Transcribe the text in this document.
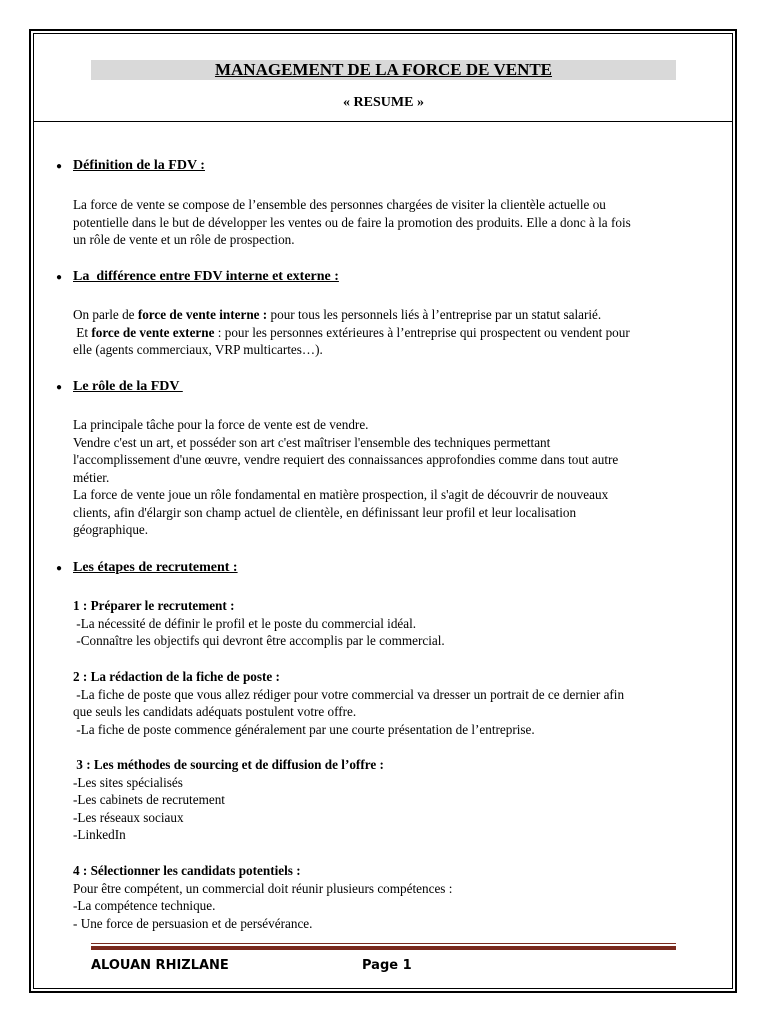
MANAGEMENT DE LA FORCE DE VENTE
« RESUME »
● Définition de la FDV :

La force de vente se compose de l’ensemble des personnes chargées de visiter la clientèle actuelle ou

potentielle dans le but de développer les ventes ou de faire la promotion des produits. Elle a donc à la fois

un rôle de vente et un rôle de prospection.

● La  différence entre FDV interne et externe :

On parle de force de vente interne : pour tous les personnels liés à l’entreprise par un statut salarié.

Et force de vente externe : pour les personnes extérieures à l’entreprise qui prospectent ou vendent pour

elle (agents commerciaux, VRP multicartes…).

● Le rôle de la FDV

La principale tâche pour la force de vente est de vendre.

Vendre c'est un art, et posséder son art c'est maîtriser l'ensemble des techniques permettant

l'accomplissement d'une œuvre, vendre requiert des connaissances approfondies comme dans tout autre

métier.

La force de vente joue un rôle fondamental en matière prospection, il s'agit de découvrir de nouveaux

clients, afin d'élargir son champ actuel de clientèle, en définissant leur profil et leur localisation

géographique.

● Les étapes de recrutement :

1 : Préparer le recrutement :

-La nécessité de définir le profil et le poste du commercial idéal.

-Connaître les objectifs qui devront être accomplis par le commercial.

2 : La rédaction de la fiche de poste :

-La fiche de poste que vous allez rédiger pour votre commercial va dresser un portrait de ce dernier afin

que seuls les candidats adéquats postulent votre offre.

-La fiche de poste commence généralement par une courte présentation de l’entreprise.

3 : Les méthodes de sourcing et de diffusion de l’offre :

-Les sites spécialisés

-Les cabinets de recrutement

-Les réseaux sociaux

-LinkedIn

4 : Sélectionner les candidats potentiels :

Pour être compétent, un commercial doit réunir plusieurs compétences :

-La compétence technique.

- Une force de persuasion et de persévérance.

ALOUAN RHIZLANE	Page 1
